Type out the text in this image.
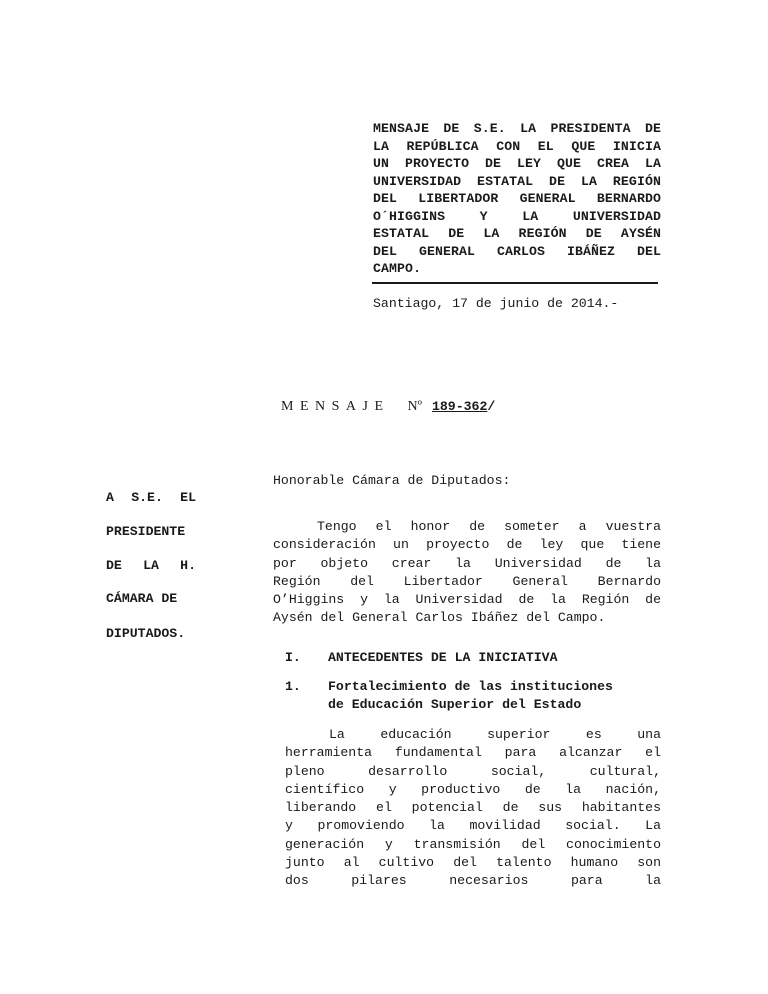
MENSAJE DE S.E. LA PRESIDENTA DE
LA REPÚBLICA CON EL QUE INICIA
UN PROYECTO DE LEY QUE CREA LA
UNIVERSIDAD ESTATAL DE LA REGIÓN
DEL LIBERTADOR GENERAL BERNARDO
O´HIGGINS Y LA UNIVERSIDAD
ESTATAL DE LA REGIÓN DE AYSÉN
DEL GENERAL CARLOS IBÁÑEZ DEL
CAMPO.
Santiago, 17 de junio de 2014.-
MENSAJE Nº 189-362/
Honorable Cámara de Diputados:
A S.E. EL
PRESIDENTE
DE LA H.
CÁMARA DE
DIPUTADOS.
Tengo el honor de someter a vuestra
consideración un proyecto de ley que tiene
por objeto crear la Universidad de la
Región del Libertador General Bernardo
O’Higgins y la Universidad de la Región de
Aysén del General Carlos Ibáñez del Campo.
I. ANTECEDENTES DE LA INICIATIVA
1. Fortalecimiento de las instituciones
de Educación Superior del Estado
La educación superior es una
herramienta fundamental para alcanzar el
pleno desarrollo social, cultural,
científico y productivo de la nación,
liberando el potencial de sus habitantes
y promoviendo la movilidad social. La
generación y transmisión del conocimiento
junto al cultivo del talento humano son
dos pilares necesarios para la
